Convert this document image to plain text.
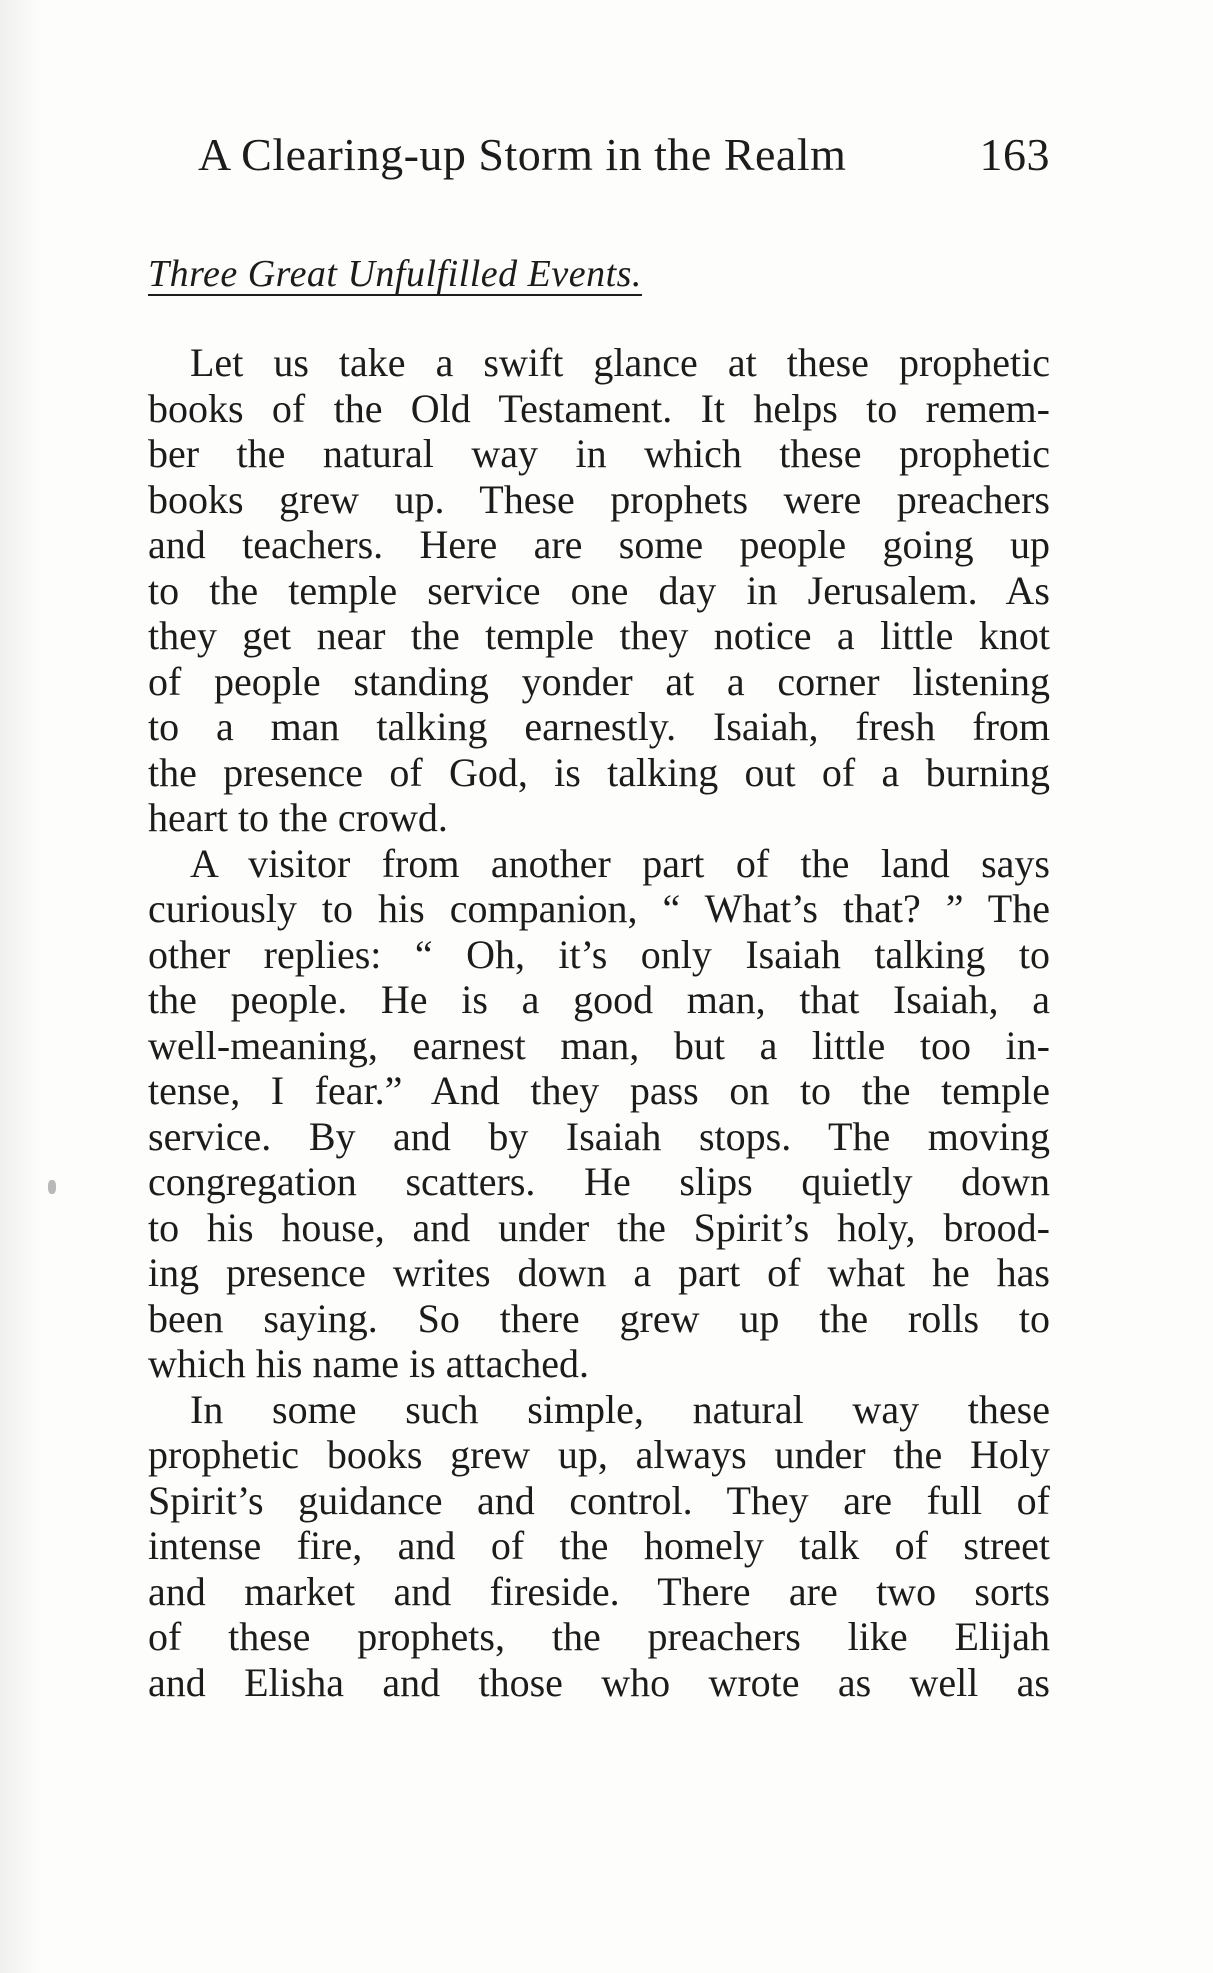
A Clearing-up Storm in the Realm	163
Three Great Unfulfilled Events.
Let us take a swift glance at these prophetic
books of the Old Testament. It helps to remem-
ber the natural way in which these prophetic
books grew up. These prophets were preachers
and teachers. Here are some people going up
to the temple service one day in Jerusalem. As
they get near the temple they notice a little knot
of people standing yonder at a corner listening
to a man talking earnestly. Isaiah, fresh from
the presence of God, is talking out of a burning
heart to the crowd.
A visitor from another part of the land says
curiously to his companion, “ What’s that? ” The
other replies: “ Oh, it’s only Isaiah talking to
the people. He is a good man, that Isaiah, a
well-meaning, earnest man, but a little too in-
tense, I fear.” And they pass on to the temple
service. By and by Isaiah stops. The moving
congregation scatters. He slips quietly down
to his house, and under the Spirit’s holy, brood-
ing presence writes down a part of what he has
been saying. So there grew up the rolls to
which his name is attached.
In some such simple, natural way these
prophetic books grew up, always under the Holy
Spirit’s guidance and control. They are full of
intense fire, and of the homely talk of street
and market and fireside. There are two sorts
of these prophets, the preachers like Elijah
and Elisha and those who wrote as well as
